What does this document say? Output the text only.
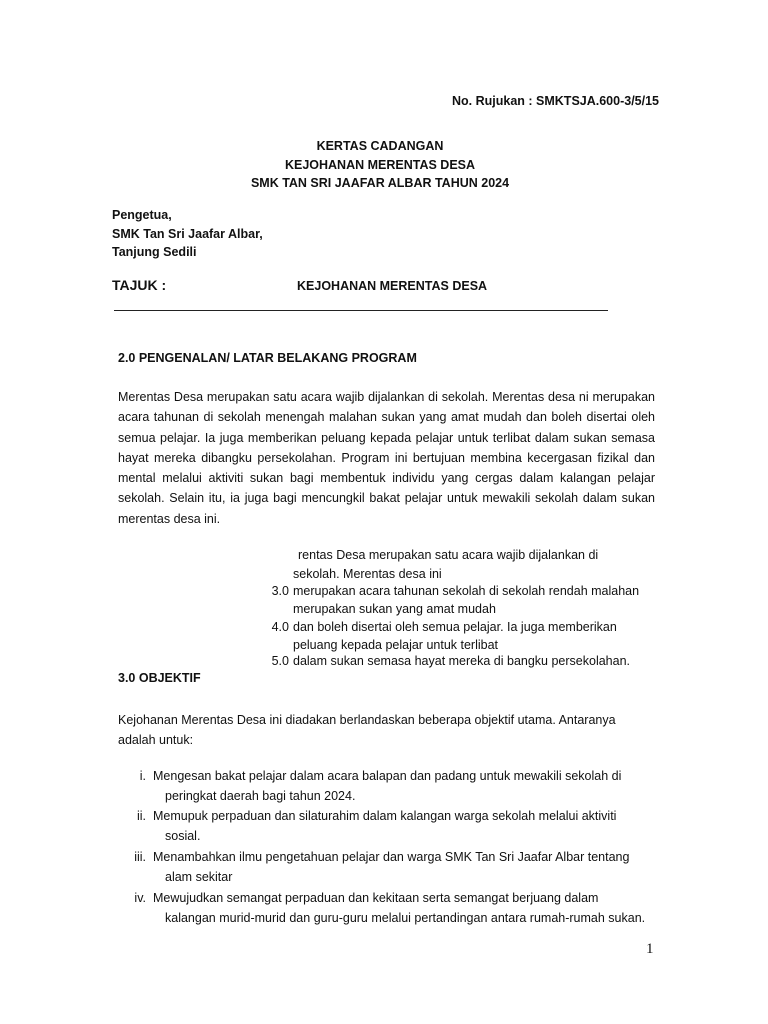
No. Rujukan : SMKTSJA.600-3/5/15
KERTAS CADANGAN
KEJOHANAN MERENTAS DESA
SMK TAN SRI JAAFAR ALBAR TAHUN 2024
Pengetua,
SMK Tan Sri Jaafar Albar,
Tanjung Sedili
TAJUK :	KEJOHANAN MERENTAS DESA
2.0 PENGENALAN/ LATAR BELAKANG PROGRAM
Merentas Desa merupakan satu acara wajib dijalankan di sekolah. Merentas desa ni merupakan acara tahunan di sekolah menengah malahan sukan yang amat mudah dan boleh disertai oleh semua pelajar. Ia juga memberikan peluang kepada pelajar untuk terlibat dalam sukan semasa hayat mereka dibangku persekolahan. Program ini bertujuan membina kecergasan fizikal dan mental melalui aktiviti sukan bagi membentuk individu yang cergas dalam kalangan pelajar sekolah. Selain itu, ia juga bagi mencungkil bakat pelajar untuk mewakili sekolah dalam sukan merentas desa ini.
rentas Desa merupakan satu acara wajib dijalankan di
sekolah. Merentas desa ini
3.0 merupakan acara tahunan sekolah di sekolah rendah malahan
merupakan sukan yang amat mudah
4.0 dan boleh disertai oleh semua pelajar. Ia juga memberikan
peluang kepada pelajar untuk terlibat
5.0 dalam sukan semasa hayat mereka di bangku persekolahan.
3.0 OBJEKTIF
Kejohanan Merentas Desa ini diadakan berlandaskan beberapa objektif utama. Antaranya adalah untuk:
i. Mengesan bakat pelajar dalam acara balapan dan padang untuk mewakili sekolah di
peringkat daerah bagi tahun 2024.
ii. Memupuk perpaduan dan silaturahim dalam kalangan warga sekolah melalui aktiviti
sosial.
iii. Menambahkan ilmu pengetahuan pelajar dan warga SMK Tan Sri Jaafar Albar tentang
alam sekitar
iv. Mewujudkan semangat perpaduan dan kekitaan serta semangat berjuang dalam
kalangan murid-murid dan guru-guru melalui pertandingan antara rumah-rumah sukan.
1
